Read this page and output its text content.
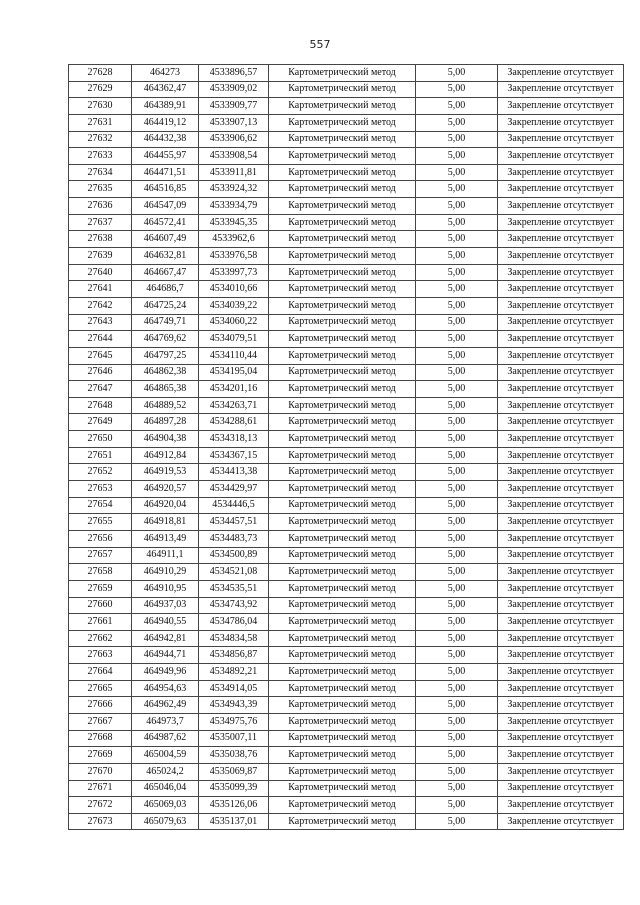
557
27628	464273	4533896,57	Картометрический метод	5,00	Закрепление отсутствует
27629	464362,47	4533909,02	Картометрический метод	5,00	Закрепление отсутствует
27630	464389,91	4533909,77	Картометрический метод	5,00	Закрепление отсутствует
27631	464419,12	4533907,13	Картометрический метод	5,00	Закрепление отсутствует
27632	464432,38	4533906,62	Картометрический метод	5,00	Закрепление отсутствует
27633	464455,97	4533908,54	Картометрический метод	5,00	Закрепление отсутствует
27634	464471,51	4533911,81	Картометрический метод	5,00	Закрепление отсутствует
27635	464516,85	4533924,32	Картометрический метод	5,00	Закрепление отсутствует
27636	464547,09	4533934,79	Картометрический метод	5,00	Закрепление отсутствует
27637	464572,41	4533945,35	Картометрический метод	5,00	Закрепление отсутствует
27638	464607,49	4533962,6	Картометрический метод	5,00	Закрепление отсутствует
27639	464632,81	4533976,58	Картометрический метод	5,00	Закрепление отсутствует
27640	464667,47	4533997,73	Картометрический метод	5,00	Закрепление отсутствует
27641	464686,7	4534010,66	Картометрический метод	5,00	Закрепление отсутствует
27642	464725,24	4534039,22	Картометрический метод	5,00	Закрепление отсутствует
27643	464749,71	4534060,22	Картометрический метод	5,00	Закрепление отсутствует
27644	464769,62	4534079,51	Картометрический метод	5,00	Закрепление отсутствует
27645	464797,25	4534110,44	Картометрический метод	5,00	Закрепление отсутствует
27646	464862,38	4534195,04	Картометрический метод	5,00	Закрепление отсутствует
27647	464865,38	4534201,16	Картометрический метод	5,00	Закрепление отсутствует
27648	464889,52	4534263,71	Картометрический метод	5,00	Закрепление отсутствует
27649	464897,28	4534288,61	Картометрический метод	5,00	Закрепление отсутствует
27650	464904,38	4534318,13	Картометрический метод	5,00	Закрепление отсутствует
27651	464912,84	4534367,15	Картометрический метод	5,00	Закрепление отсутствует
27652	464919,53	4534413,38	Картометрический метод	5,00	Закрепление отсутствует
27653	464920,57	4534429,97	Картометрический метод	5,00	Закрепление отсутствует
27654	464920,04	4534446,5	Картометрический метод	5,00	Закрепление отсутствует
27655	464918,81	4534457,51	Картометрический метод	5,00	Закрепление отсутствует
27656	464913,49	4534483,73	Картометрический метод	5,00	Закрепление отсутствует
27657	464911,1	4534500,89	Картометрический метод	5,00	Закрепление отсутствует
27658	464910,29	4534521,08	Картометрический метод	5,00	Закрепление отсутствует
27659	464910,95	4534535,51	Картометрический метод	5,00	Закрепление отсутствует
27660	464937,03	4534743,92	Картометрический метод	5,00	Закрепление отсутствует
27661	464940,55	4534786,04	Картометрический метод	5,00	Закрепление отсутствует
27662	464942,81	4534834,58	Картометрический метод	5,00	Закрепление отсутствует
27663	464944,71	4534856,87	Картометрический метод	5,00	Закрепление отсутствует
27664	464949,96	4534892,21	Картометрический метод	5,00	Закрепление отсутствует
27665	464954,63	4534914,05	Картометрический метод	5,00	Закрепление отсутствует
27666	464962,49	4534943,39	Картометрический метод	5,00	Закрепление отсутствует
27667	464973,7	4534975,76	Картометрический метод	5,00	Закрепление отсутствует
27668	464987,62	4535007,11	Картометрический метод	5,00	Закрепление отсутствует
27669	465004,59	4535038,76	Картометрический метод	5,00	Закрепление отсутствует
27670	465024,2	4535069,87	Картометрический метод	5,00	Закрепление отсутствует
27671	465046,04	4535099,39	Картометрический метод	5,00	Закрепление отсутствует
27672	465069,03	4535126,06	Картометрический метод	5,00	Закрепление отсутствует
27673	465079,63	4535137,01	Картометрический метод	5,00	Закрепление отсутствует
